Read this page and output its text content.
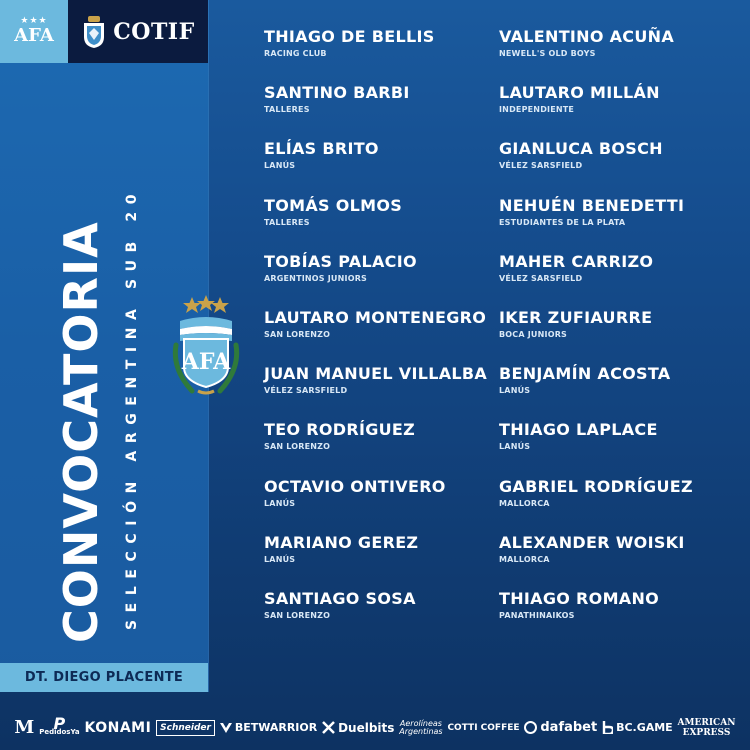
★★★
AFA	COTIF
CONVOCATORIA SELECCIÓN ARGENTINA SUB 20 AFA
DT. DIEGO PLACENTE
THIAGO DE BELLIS
RACING CLUB
SANTINO BARBI
TALLERES
ELÍAS BRITO
LANÚS
TOMÁS OLMOS
TALLERES
TOBÍAS PALACIO
ARGENTINOS JUNIORS
LAUTARO MONTENEGRO
SAN LORENZO
JUAN MANUEL VILLALBA
VÉLEZ SARSFIELD
TEO RODRÍGUEZ
SAN LORENZO
OCTAVIO ONTIVERO
LANÚS
MARIANO GEREZ
LANÚS
SANTIAGO SOSA
SAN LORENZO
VALENTINO ACUÑA
NEWELL'S OLD BOYS
LAUTARO MILLÁN
INDEPENDIENTE
GIANLUCA BOSCH
VÉLEZ SARSFIELD
NEHUÉN BENEDETTI
ESTUDIANTES DE LA PLATA
MAHER CARRIZO
VÉLEZ SARSFIELD
IKER ZUFIAURRE
BOCA JUNIORS
BENJAMÍN ACOSTA
LANÚS
THIAGO LAPLACE
LANÚS
GABRIEL RODRÍGUEZ
MALLORCA
ALEXANDER WOISKI
MALLORCA
THIAGO ROMANO
PANATHINAIKOS
M P
PedidosYa KONAMI Schneider	BETWARRIOR Duelbits Aerolíneas
Argentinas COTTI COFFEE dafabet BC.GAME AMERICAN
EXPRESS
